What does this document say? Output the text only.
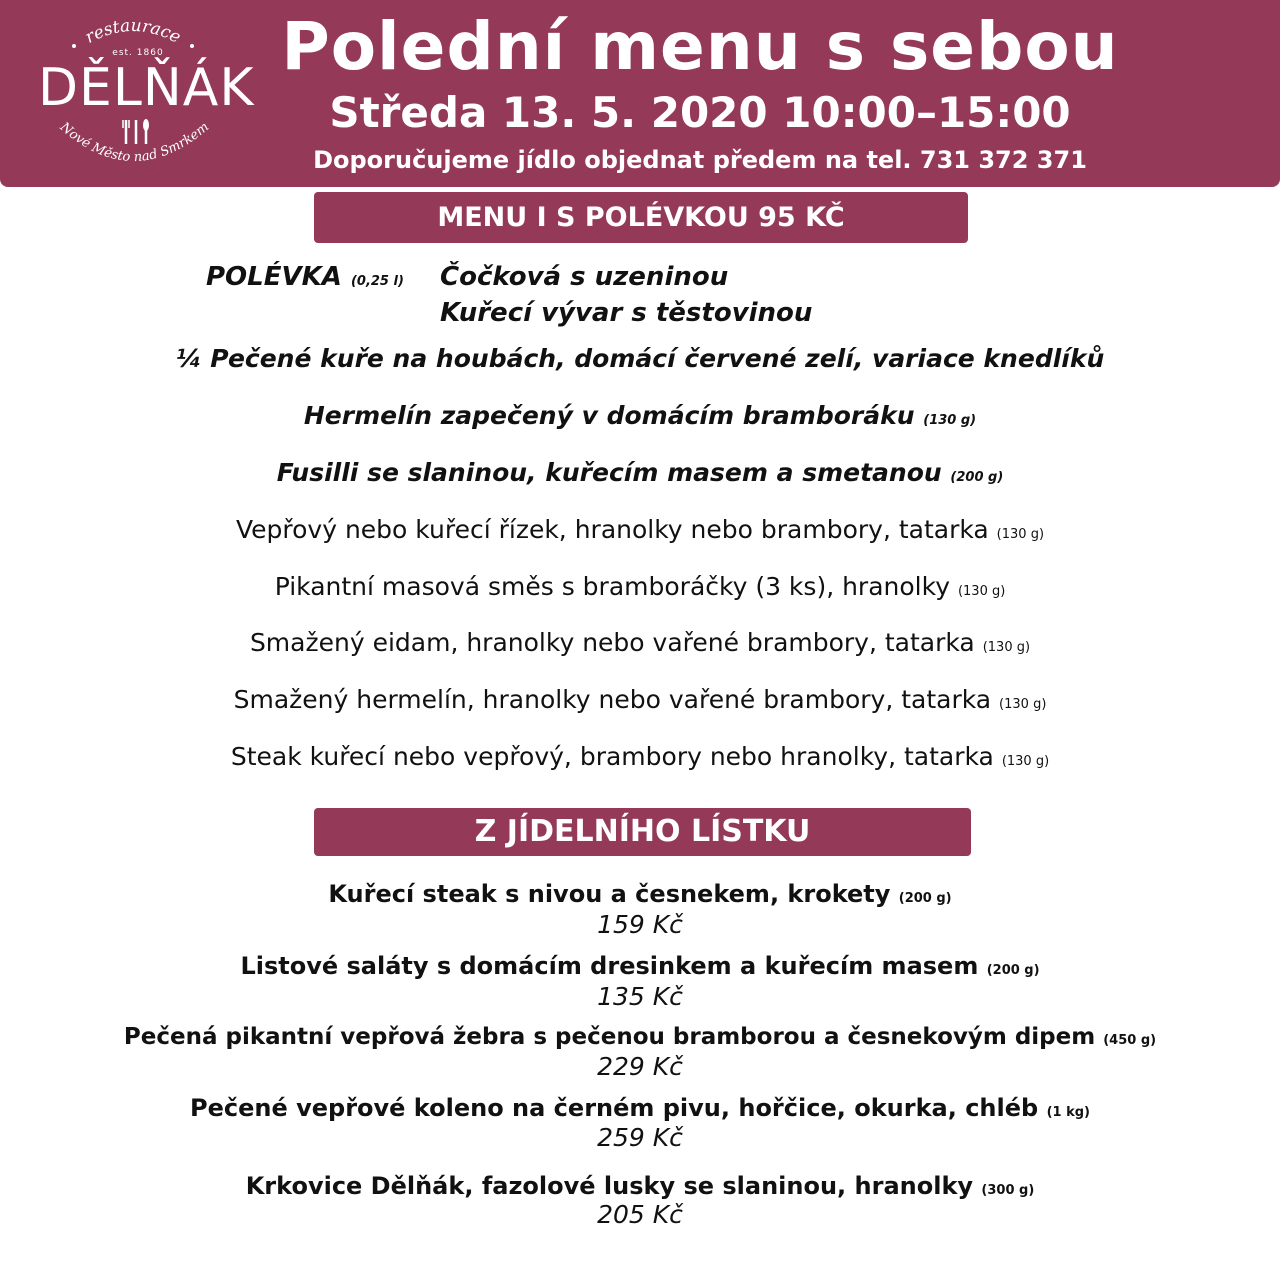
restaurace
est. 1860
DĚLŇÁK
Nové Město nad Smrkem
Polední menu s sebou
Středa 13. 5. 2020 10:00–15:00
Doporučujeme jídlo objednat předem na tel. 731 372 371
MENU I S POLÉVKOU 95 KČ
POLÉVKA (0,25 l) Čočková s uzeninou
Kuřecí vývar s těstovinou
¼ Pečené kuře na houbách, domácí červené zelí, variace knedlíků
Hermelín zapečený v domácím bramboráku (130 g)
Fusilli se slaninou, kuřecím masem a smetanou (200 g)
Vepřový nebo kuřecí řízek, hranolky nebo brambory, tatarka (130 g)
Pikantní masová směs s bramboráčky (3 ks), hranolky (130 g)
Smažený eidam, hranolky nebo vařené brambory, tatarka (130 g)
Smažený hermelín, hranolky nebo vařené brambory, tatarka (130 g)
Steak kuřecí nebo vepřový, brambory nebo hranolky, tatarka (130 g)
Z JÍDELNÍHO LÍSTKU
Kuřecí steak s nivou a česnekem, krokety (200 g)
159 Kč
Listové saláty s domácím dresinkem a kuřecím masem (200 g)
135 Kč
Pečená pikantní vepřová žebra s pečenou bramborou a česnekovým dipem (450 g)
229 Kč
Pečené vepřové koleno na černém pivu, hořčice, okurka, chléb (1 kg)
259 Kč
Krkovice Dělňák, fazolové lusky se slaninou, hranolky (300 g)
205 Kč
